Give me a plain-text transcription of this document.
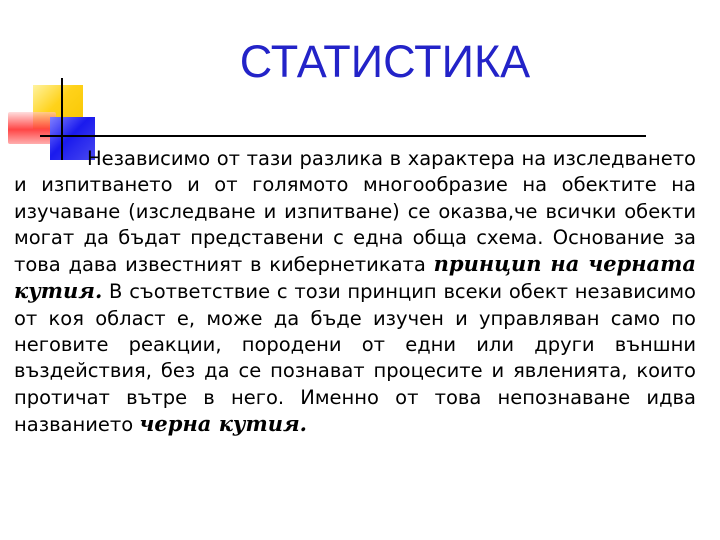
СТАТИСТИКА

Независимо от тази разлика в характера на изследването и изпитването и от голямото многообразие на обектите на изучаване (изследване и изпитване) се оказва,че всички обекти могат да бъдат представени с една обща схема. Основание за това дава известният в кибернетиката принцип на черната кутия. В съответствие с този принцип всеки обект независимо от коя област е, може да бъде изучен и управляван само по неговите реакции, породени от едни или други външни въздействия, без да се познават процесите и явленията, които протичат вътре в него. Именно от това непознаване идва названието черна кутия.
